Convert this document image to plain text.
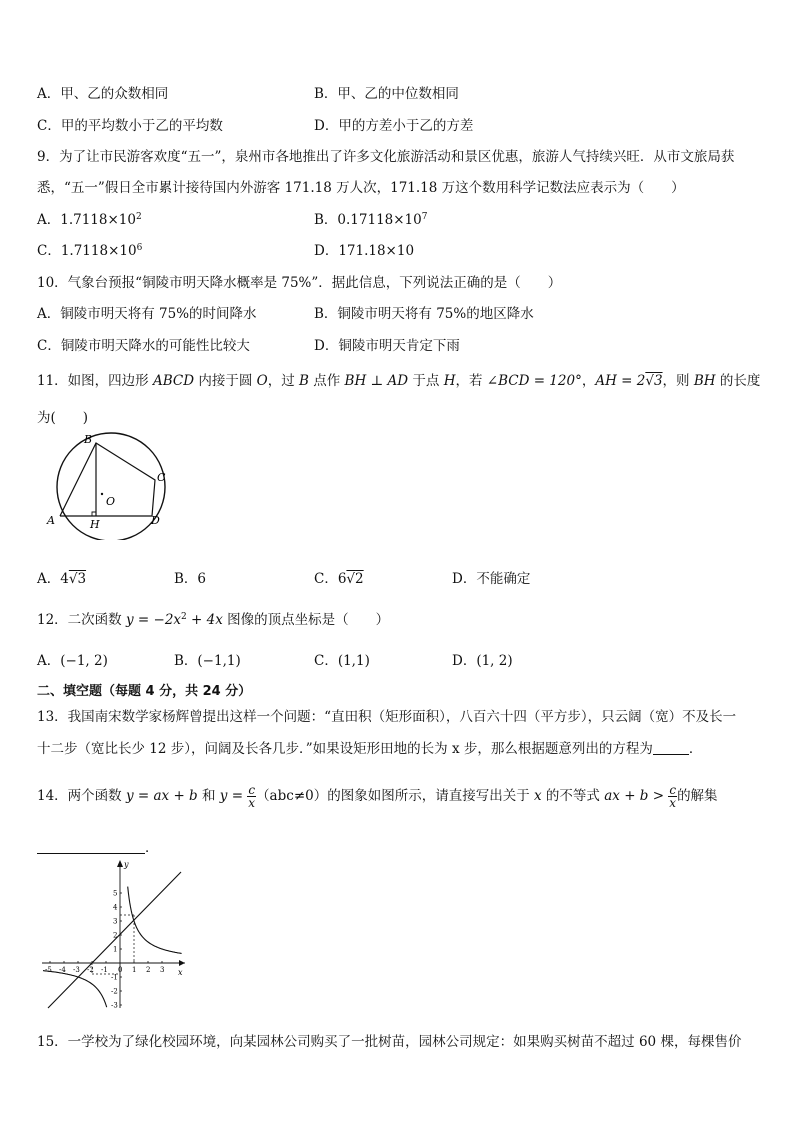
A．甲、乙的众数相同	B．甲、乙的中位数相同
C．甲的平均数小于乙的平均数	D．甲的方差小于乙的方差
9．为了让市民游客欢度“五一”，泉州市各地推出了许多文化旅游活动和景区优惠，旅游人气持续兴旺．从市文旅局获
悉，“五一”假日全市累计接待国内外游客 171.18 万人次，171.18 万这个数用科学记数法应表示为（　　）
A．$1.7118\times 10^2$	B．$0.17118\times 10^7$
C．$1.7118\times 10^6$	D．171.18×10
10．气象台预报“铜陵市明天降水概率是 75%”．据此信息，下列说法正确的是（　　）
A．铜陵市明天将有 75%的时间降水	B．铜陵市明天将有 75%的地区降水
C．铜陵市明天降水的可能性比较大	D．铜陵市明天肯定下雨
11．如图，四边形 ABCD 内接于圆 O，过 B 点作 BH ⊥ AD 于点 H，若 ∠BCD = 120°，AH = 2√3，则 BH 的长度
为(　　)
B
C
O
A	H	D
A．4√3	B．6	C．6√2	D．不能确定
12．二次函数 $y = -2x^2 + 4x$ 图像的顶点坐标是（　　）
A．(−1, 2)	B．(−1,1)	C．(1,1)	D．(1, 2)
二、填空题（每题 4 分，共 24 分）
13．我国南宋数学家杨辉曾提出这样一个问题：“直田积（矩形面积），八百六十四（平方步），只云阔（宽）不及长一
十二步（宽比长少 12 步），问阔及长各几步．”如果设矩形田地的长为 x 步，那么根据题意列出的方程为	．
14．两个函数 y = ax + b 和 $y = \frac{c}{x} (abc\ne 0)$的图象如图所示，请直接写出关于 x 的不等式 ax + $b > \frac{c}{x}$ 的解集
．
x
y
-5 -4 -3 -2 -1 0 1 2 3
5
4
3
2
1
-1
-2
-3
15．一学校为了绿化校园环境，向某园林公司购买了一批树苗，园林公司规定：如果购买树苗不超过 60 棵，每棵售价
